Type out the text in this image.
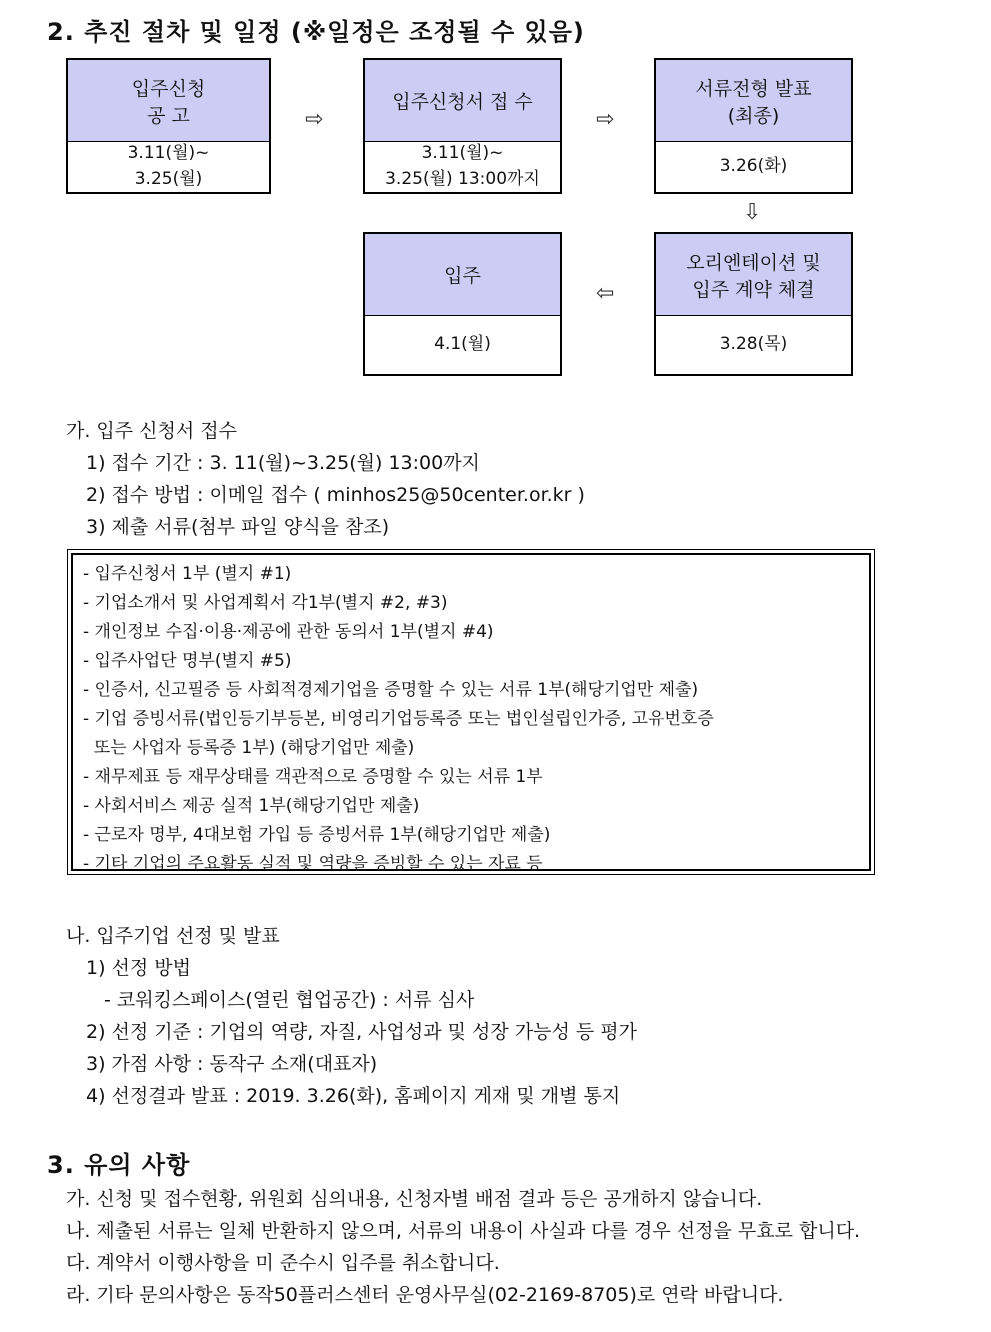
2. 추진 절차 및 일정 (※일정은 조정될 수 있음)
입주신청
공 고
3.11(월)~
3.25(월)
⇨
입주신청서 접 수
3.11(월)~
3.25(월) 13:00까지
⇨
서류전형 발표
(최종)
3.26(화)
⇩
오리엔테이션 및
입주 계약 체결
3.28(목)
⇦
입주
4.1(월)
가. 입주 신청서 접수
1) 접수 기간 : 3. 11(월)~3.25(월) 13:00까지
2) 접수 방법 : 이메일 접수 ( minhos25@50center.or.kr )
3) 제출 서류(첨부 파일 양식을 참조)
- 입주신청서 1부 (별지 #1)
- 기업소개서 및 사업계획서 각1부(별지 #2, #3)
- 개인정보 수집·이용·제공에 관한 동의서 1부(별지 #4)
- 입주사업단 명부(별지 #5)
- 인증서, 신고필증 등 사회적경제기업을 증명할 수 있는 서류 1부(해당기업만 제출)
- 기업 증빙서류(법인등기부등본, 비영리기업등록증 또는 법인설립인가증, 고유번호증
또는 사업자 등록증 1부) (해당기업만 제출)
- 재무제표 등 재무상태를 객관적으로 증명할 수 있는 서류 1부
- 사회서비스 제공 실적 1부(해당기업만 제출)
- 근로자 명부, 4대보험 가입 등 증빙서류 1부(해당기업만 제출)
- 기타 기업의 주요활동 실적 및 역량을 증빙할 수 있는 자료 등
나. 입주기업 선정 및 발표
1) 선정 방법
- 코워킹스페이스(열린 협업공간) : 서류 심사
2) 선정 기준 : 기업의 역량, 자질, 사업성과 및 성장 가능성 등 평가
3) 가점 사항 : 동작구 소재(대표자)
4) 선정결과 발표 : 2019. 3.26(화), 홈페이지 게재 및 개별 통지
3. 유의 사항
가. 신청 및 접수현황, 위원회 심의내용, 신청자별 배점 결과 등은 공개하지 않습니다.
나. 제출된 서류는 일체 반환하지 않으며, 서류의 내용이 사실과 다를 경우 선정을 무효로 합니다.
다. 계약서 이행사항을 미 준수시 입주를 취소합니다.
라. 기타 문의사항은 동작50플러스센터 운영사무실(02-2169-8705)로 연락 바랍니다.
